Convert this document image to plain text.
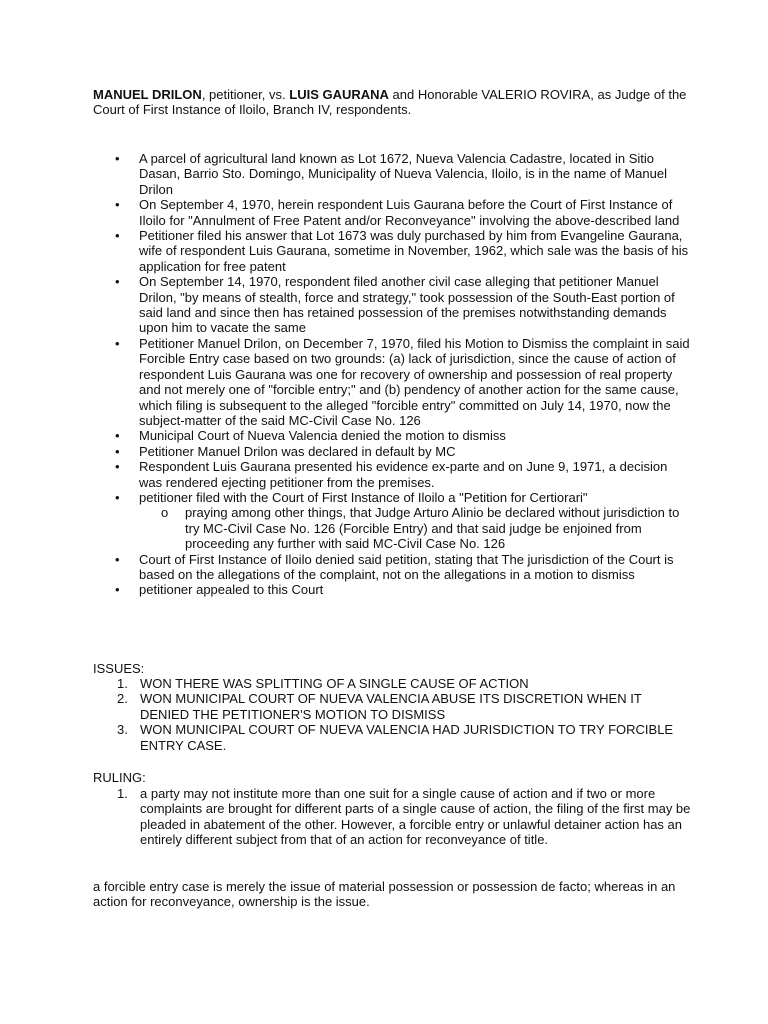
MANUEL DRILON, petitioner, vs. LUIS GAURANA and Honorable VALERIO ROVIRA, as Judge of the Court of First Instance of Iloilo, Branch IV, respondents.
• A parcel of agricultural land known as Lot 1672, Nueva Valencia Cadastre, located in Sitio Dasan, Barrio Sto. Domingo, Municipality of Nueva Valencia, Iloilo, is in the name of Manuel Drilon
• On September 4, 1970, herein respondent Luis Gaurana before the Court of First Instance of Iloilo for "Annulment of Free Patent and/or Reconveyance" involving the above-described land
• Petitioner filed his answer that Lot 1673 was duly purchased by him from Evangeline Gaurana, wife of respondent Luis Gaurana, sometime in November, 1962, which sale was the basis of his application for free patent
• On September 14, 1970, respondent filed another civil case alleging that petitioner Manuel Drilon, "by means of stealth, force and strategy," took possession of the South-East portion of said land and since then has retained possession of the premises notwithstanding demands upon him to vacate the same
• Petitioner Manuel Drilon, on December 7, 1970, filed his Motion to Dismiss the complaint in said Forcible Entry case based on two grounds: (a) lack of jurisdiction, since the cause of action of respondent Luis Gaurana was one for recovery of ownership and possession of real property and not merely one of "forcible entry;" and (b) pendency of another action for the same cause, which filing is subsequent to the alleged "forcible entry" committed on July 14, 1970, now the subject-matter of the said MC-Civil Case No. 126
• Municipal Court of Nueva Valencia denied the motion to dismiss
• Petitioner Manuel Drilon was declared in default by MC
• Respondent Luis Gaurana presented his evidence ex-parte and on June 9, 1971, a decision was rendered ejecting petitioner from the premises.
• petitioner filed with the Court of First Instance of Iloilo a "Petition for Certiorari"
o praying among other things, that Judge Arturo Alinio be declared without jurisdiction to try MC-Civil Case No. 126 (Forcible Entry) and that said judge be enjoined from proceeding any further with said MC-Civil Case No. 126
• Court of First Instance of Iloilo denied said petition, stating that The jurisdiction of the Court is based on the allegations of the complaint, not on the allegations in a motion to dismiss
• petitioner appealed to this Court
ISSUES:
1. WON THERE WAS SPLITTING OF A SINGLE CAUSE OF ACTION
2. WON MUNICIPAL COURT OF NUEVA VALENCIA ABUSE ITS DISCRETION WHEN IT DENIED THE PETITIONER'S MOTION TO DISMISS
3. WON MUNICIPAL COURT OF NUEVA VALENCIA HAD JURISDICTION TO TRY FORCIBLE ENTRY CASE.
RULING:
1. a party may not institute more than one suit for a single cause of action and if two or more complaints are brought for different parts of a single cause of action, the filing of the first may be pleaded in abatement of the other. However, a forcible entry or unlawful detainer action has an entirely different subject from that of an action for reconveyance of title.
a forcible entry case is merely the issue of material possession or possession de facto; whereas in an action for reconveyance, ownership is the issue.
